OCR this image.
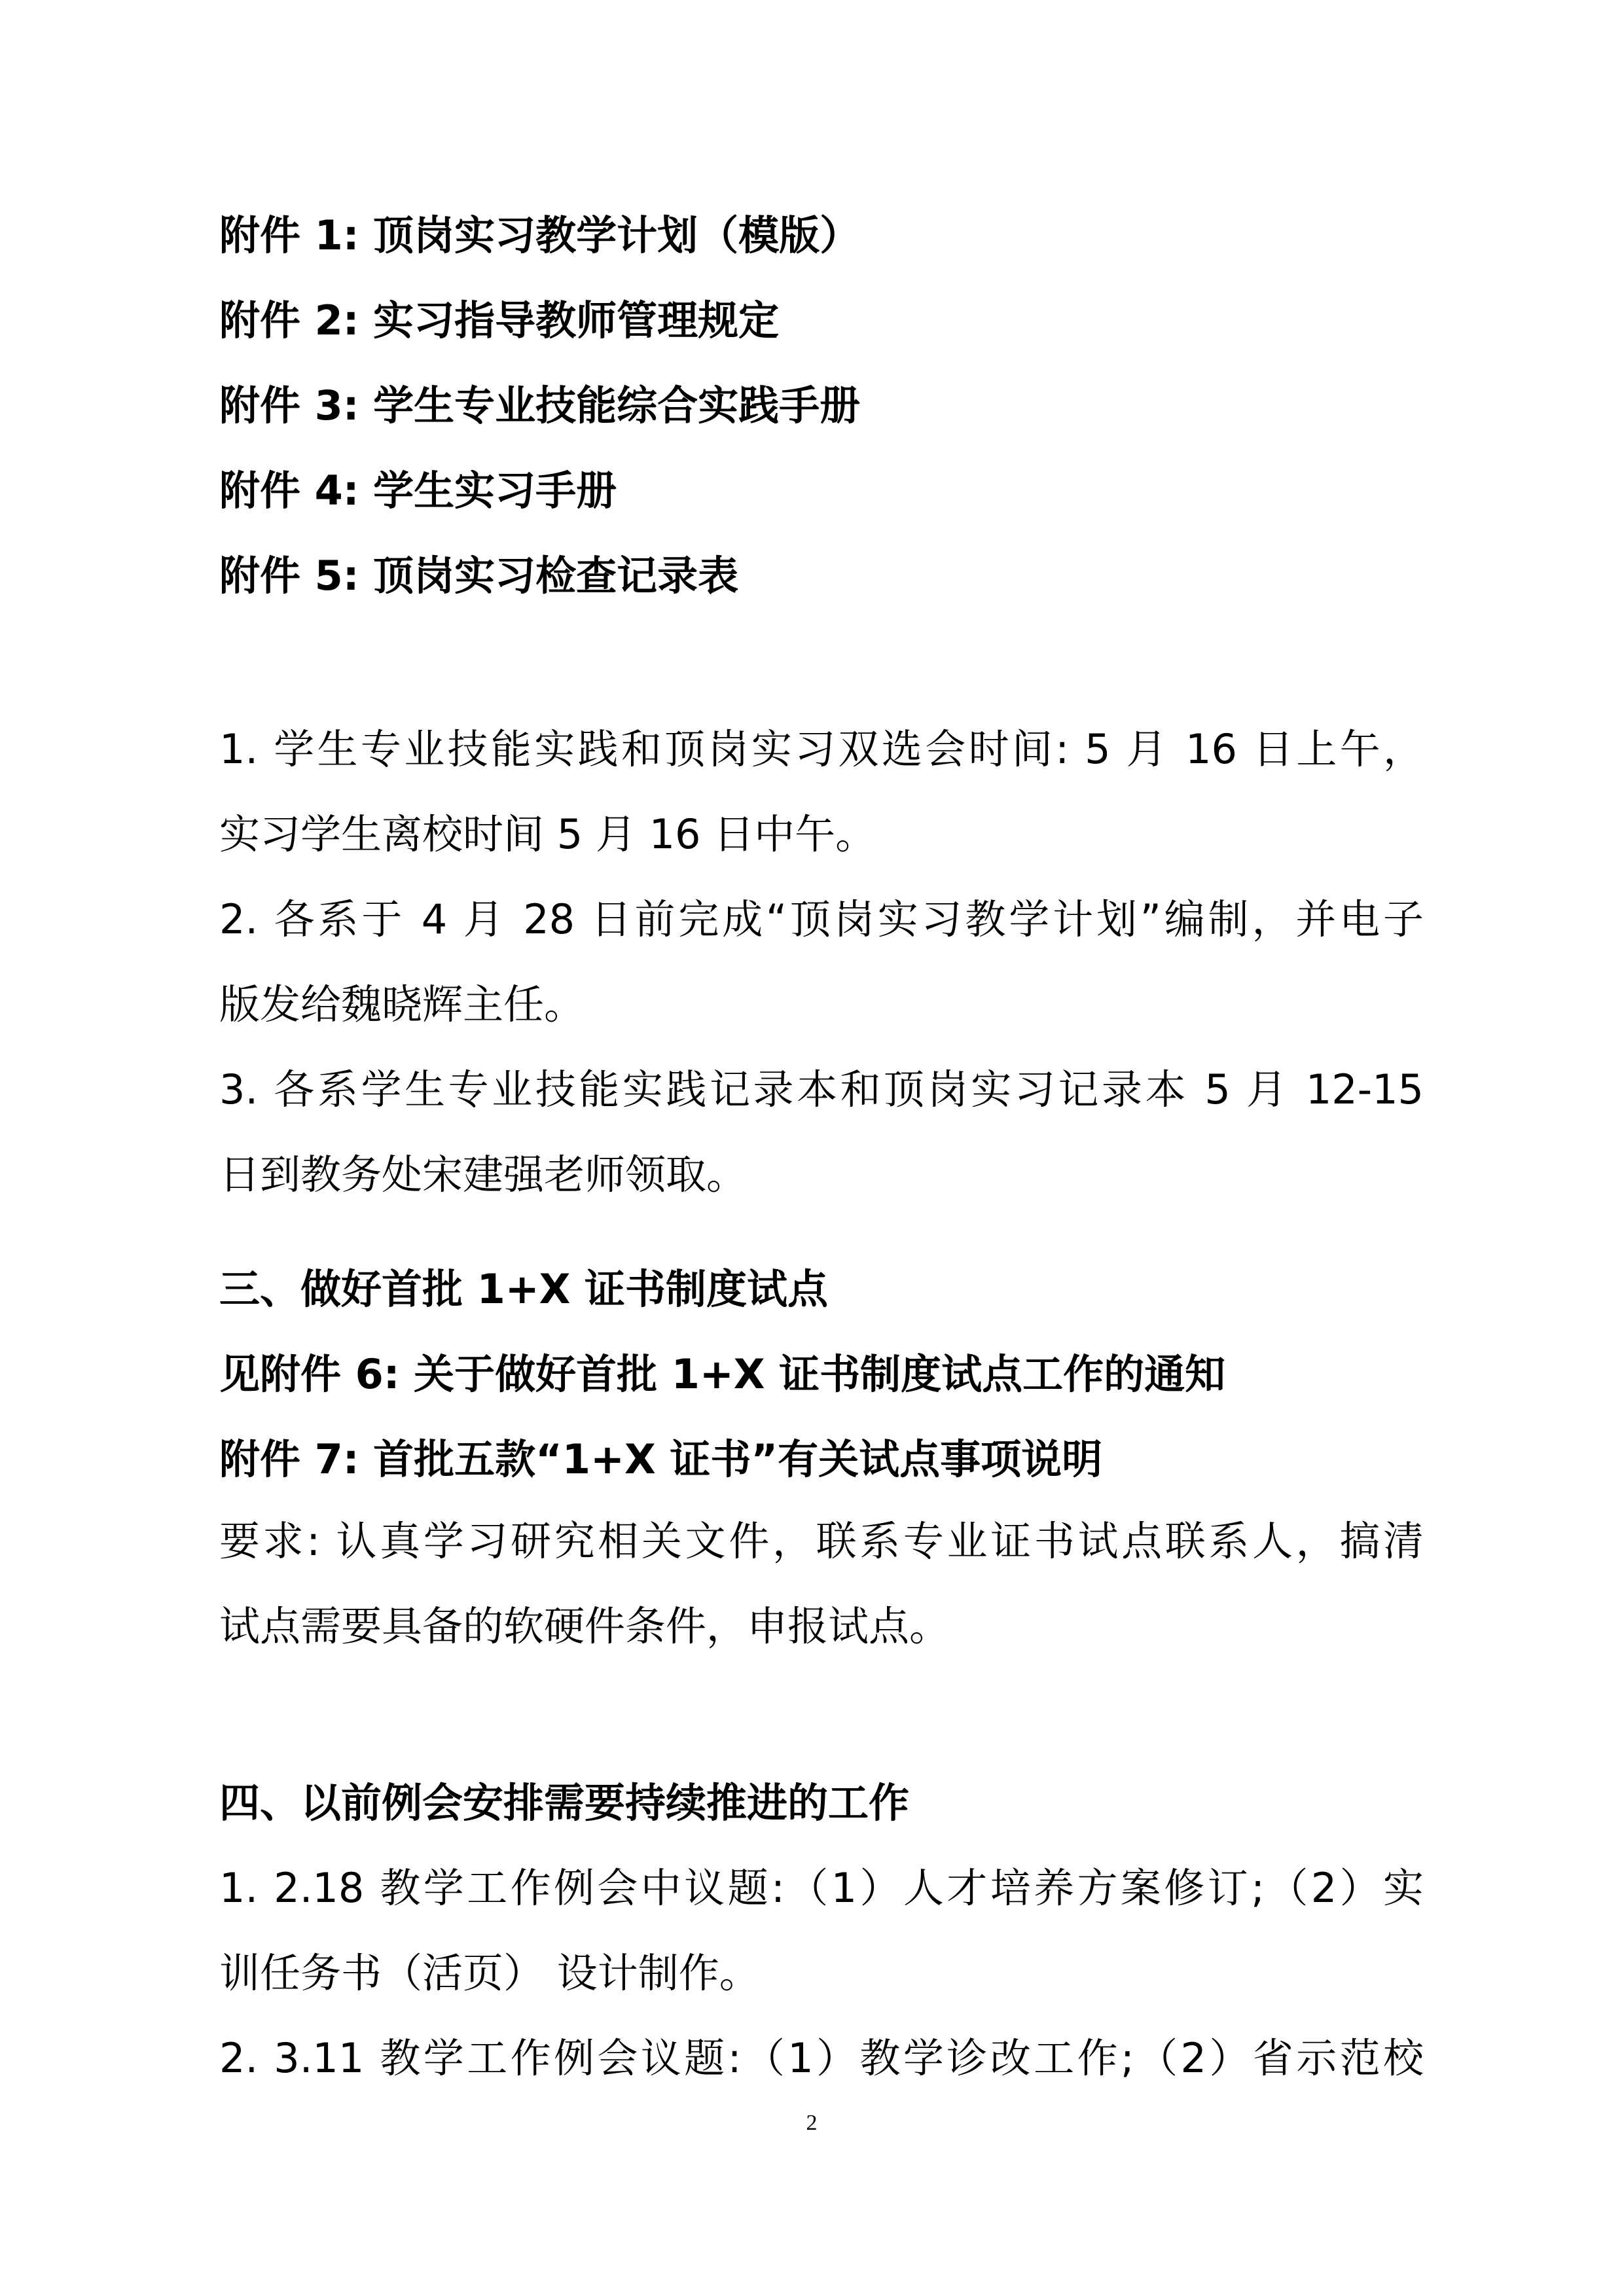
附件 1: 顶岗实习教学计划（模版）
附件 2: 实习指导教师管理规定
附件 3: 学生专业技能综合实践手册
附件 4: 学生实习手册
附件 5: 顶岗实习检查记录表
1. 学生专业技能实践和顶岗实习双选会时间: 5 月 16 日上午，
实习学生离校时间 5 月 16 日中午。
2. 各系于 4 月 28 日前完成“顶岗实习教学计划”编制，并电子
版发给魏晓辉主任。
3. 各系学生专业技能实践记录本和顶岗实习记录本 5 月 12-15
日到教务处宋建强老师领取。
三、做好首批 1+X 证书制度试点
见附件 6: 关于做好首批 1+X 证书制度试点工作的通知
附件 7: 首批五款“1+X 证书”有关试点事项说明
要求: 认真学习研究相关文件，联系专业证书试点联系人，搞清
试点需要具备的软硬件条件，申报试点。
四、以前例会安排需要持续推进的工作
1. 2.18 教学工作例会中议题:（1）人才培养方案修订;（2）实
训任务书（活页） 设计制作。
2. 3.11 教学工作例会议题:（1）教学诊改工作;（2）省示范校
2
